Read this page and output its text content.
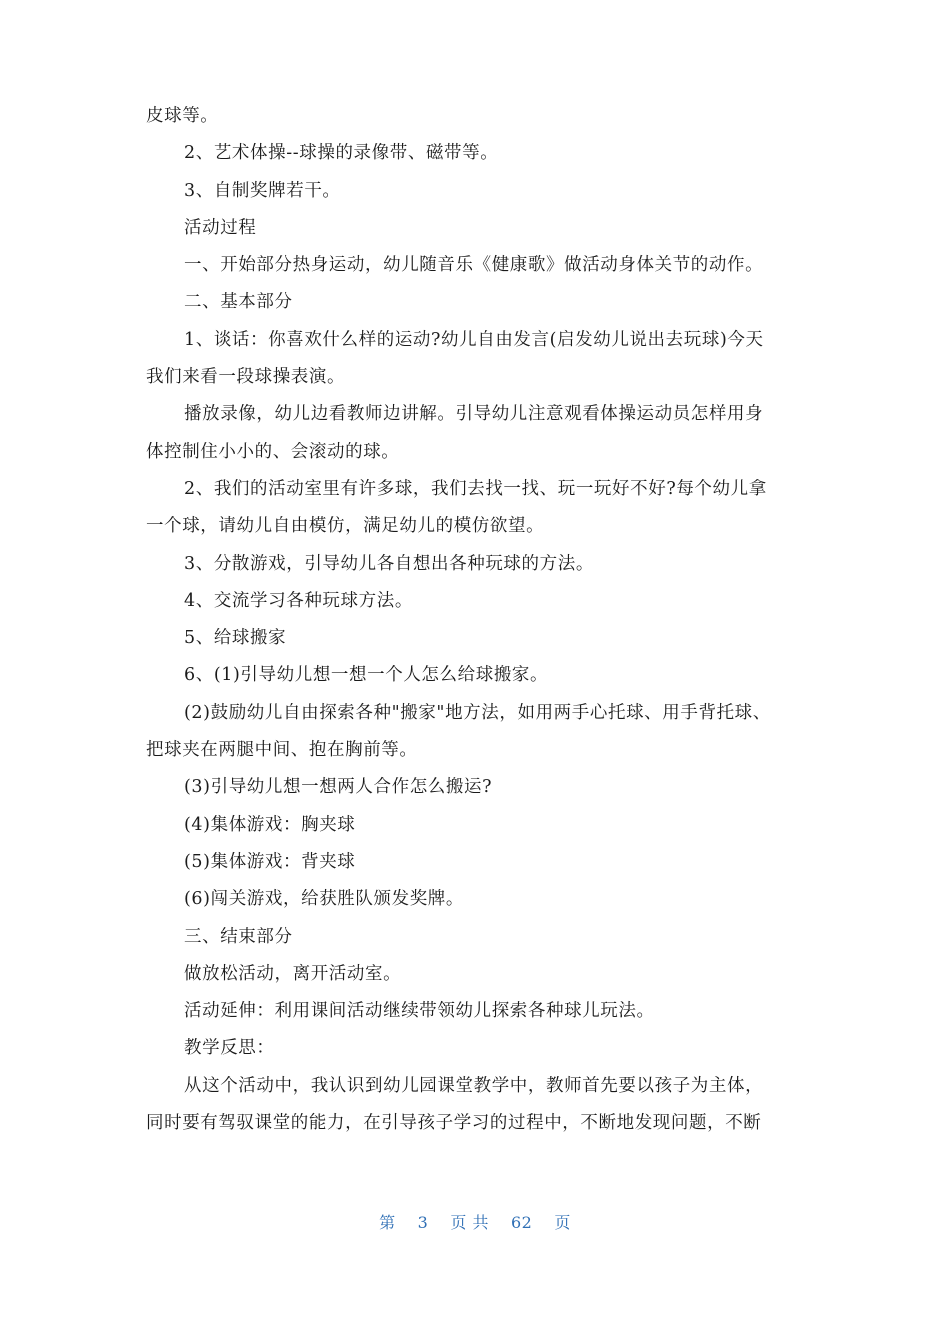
皮球等。
2、艺术体操--球操的录像带、磁带等。
3、自制奖牌若干。
活动过程
一、开始部分热身运动，幼儿随音乐《健康歌》做活动身体关节的动作。
二、基本部分
1、谈话：你喜欢什么样的运动?幼儿自由发言(启发幼儿说出去玩球)今天
我们来看一段球操表演。
播放录像，幼儿边看教师边讲解。引导幼儿注意观看体操运动员怎样用身
体控制住小小的、会滚动的球。
2、我们的活动室里有许多球，我们去找一找、玩一玩好不好?每个幼儿拿
一个球，请幼儿自由模仿，满足幼儿的模仿欲望。
3、分散游戏，引导幼儿各自想出各种玩球的方法。
4、交流学习各种玩球方法。
5、给球搬家
6、(1)引导幼儿想一想一个人怎么给球搬家。
(2)鼓励幼儿自由探索各种"搬家"地方法，如用两手心托球、用手背托球、
把球夹在两腿中间、抱在胸前等。
(3)引导幼儿想一想两人合作怎么搬运?
(4)集体游戏：胸夹球
(5)集体游戏：背夹球
(6)闯关游戏，给获胜队颁发奖牌。
三、结束部分
做放松活动，离开活动室。
活动延伸：利用课间活动继续带领幼儿探索各种球儿玩法。
教学反思：
从这个活动中，我认识到幼儿园课堂教学中，教师首先要以孩子为主体，
同时要有驾驭课堂的能力，在引导孩子学习的过程中，不断地发现问题，不断
第 3 页 共 62 页
